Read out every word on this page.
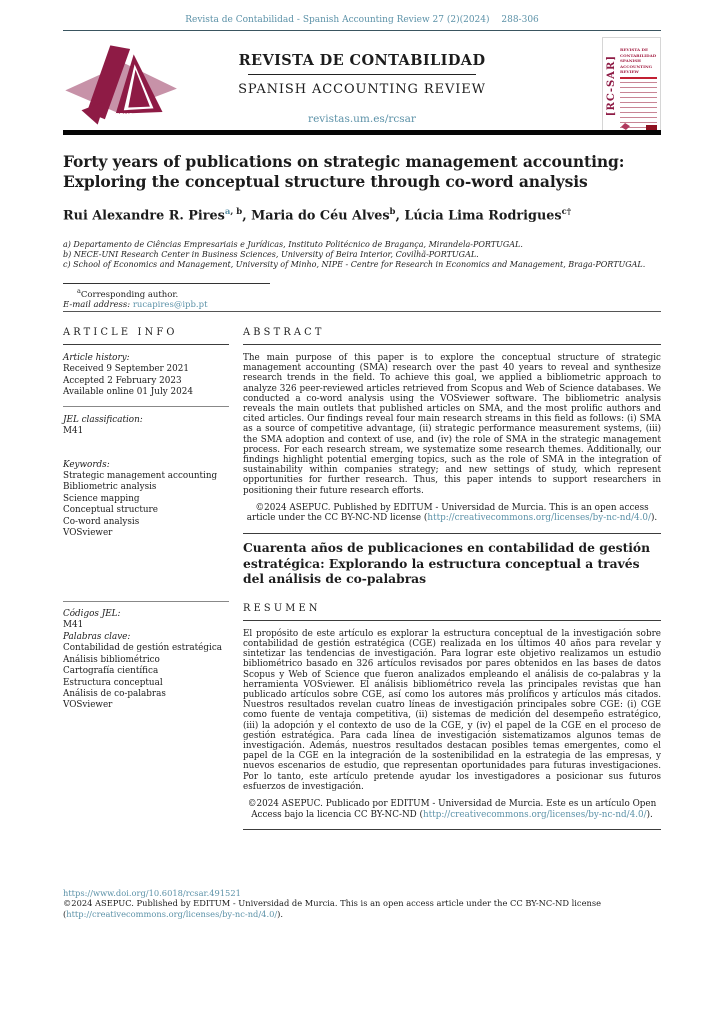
Revista de Contabilidad - Spanish Accounting Review 27 (2)(2024)  288-306
ASEPUC
REVISTA DE CONTABILIDAD
SPANISH ACCOUNTING REVIEW
revistas.um.es/rcsar
[RC-SAR]
REVISTA DE CONTABILIDAD
SPANISH ACCOUNTING REVIEW
Forty years of publications on strategic management accounting: Exploring the conceptual structure through co-word analysis
Rui Alexandre R. Pires$^{a, b}$, Maria do Céu Alves$^b$, Lúcia Lima Rodrigues$^{c\dagger}$
a) Departamento de Ciências Empresariais e Jurídicas, Instituto Politécnico de Bragança, Mirandela-PORTUGAL.
b) NECE-UNI Research Center in Business Sciences, University of Beira Interior, Covilhã-PORTUGAL.
c) School of Economics and Management, University of Minho, NIPE - Centre for Research in Economics and Management, Braga-PORTUGAL.
$^a$Corresponding author.
E-mail address: rucapires@ipb.pt
ARTICLE INFO
Article history:
Received 9 September 2021
Accepted 2 February 2023
Available online 01 July 2024
JEL classification:
M41
Keywords:
Strategic management accounting
Bibliometric analysis
Science mapping
Conceptual structure
Co-word analysis
VOSviewer
ABSTRACT
The main purpose of this paper is to explore the conceptual structure of strategic management accounting (SMA) research over the past 40 years to reveal and synthesize research trends in the field. To achieve this goal, we applied a bibliometric approach to analyze 326 peer-reviewed articles retrieved from Scopus and Web of Science databases. We conducted a co-word analysis using the VOSviewer software. The bibliometric analysis reveals the main outlets that published articles on SMA, and the most prolific authors and cited articles. Our findings reveal four main research streams in this field as follows: (i) SMA as a source of competitive advantage, (ii) strategic performance measurement systems, (iii) the SMA adoption and context of use, and (iv) the role of SMA in the strategic management process. For each research stream, we systematize some research themes. Additionally, our findings highlight potential emerging topics, such as the role of SMA in the integration of sustainability within companies strategy; and new settings of study, which represent opportunities for further research. Thus, this paper intends to support researchers in positioning their future research efforts.
©2024 ASEPUC. Published by EDITUM - Universidad de Murcia. This is an open access article under the CC BY-NC-ND license (http://creativecommons.org/licenses/by-nc-nd/4.0/).
Códigos JEL:
M41
Palabras clave:
Contabilidad de gestión estratégica
Análisis bibliométrico
Cartografía científica
Estructura conceptual
Análisis de co-palabras
VOSviewer
Cuarenta años de publicaciones en contabilidad de gestión estratégica: Explorando la estructura conceptual a través del análisis de co-palabras
RESUMEN
El propósito de este artículo es explorar la estructura conceptual de la investigación sobre contabilidad de gestión estratégica (CGE) realizada en los últimos 40 años para revelar y sintetizar las tendencias de investigación. Para lograr este objetivo realizamos un estudio bibliométrico basado en 326 artículos revisados por pares obtenidos en las bases de datos Scopus y Web of Science que fueron analizados empleando el análisis de co-palabras y la herramienta VOSviewer. El análisis bibliométrico revela las principales revistas que han publicado artículos sobre CGE, así como los autores más prolíficos y artículos más citados. Nuestros resultados revelan cuatro líneas de investigación principales sobre CGE: (i) CGE como fuente de ventaja competitiva, (ii) sistemas de medición del desempeño estratégico, (iii) la adopción y el contexto de uso de la CGE, y (iv) el papel de la CGE en el proceso de gestión estratégica. Para cada línea de investigación sistematizamos algunos temas de investigación. Además, nuestros resultados destacan posibles temas emergentes, como el papel de la CGE en la integración de la sostenibilidad en la estrategia de las empresas, y nuevos escenarios de estudio, que representan oportunidades para futuras investigaciones. Por lo tanto, este artículo pretende ayudar los investigadores a posicionar sus futuros esfuerzos de investigación.
©2024 ASEPUC. Publicado por EDITUM - Universidad de Murcia. Este es un artículo Open Access bajo la licencia CC BY-NC-ND (http://creativecommons.org/licenses/by-nc-nd/4.0/).
https://www.doi.org/10.6018/rcsar.491521
©2024 ASEPUC. Published by EDITUM - Universidad de Murcia. This is an open access article under the CC BY-NC-ND license (http://creativecommons.org/licenses/by-nc-nd/4.0/).
